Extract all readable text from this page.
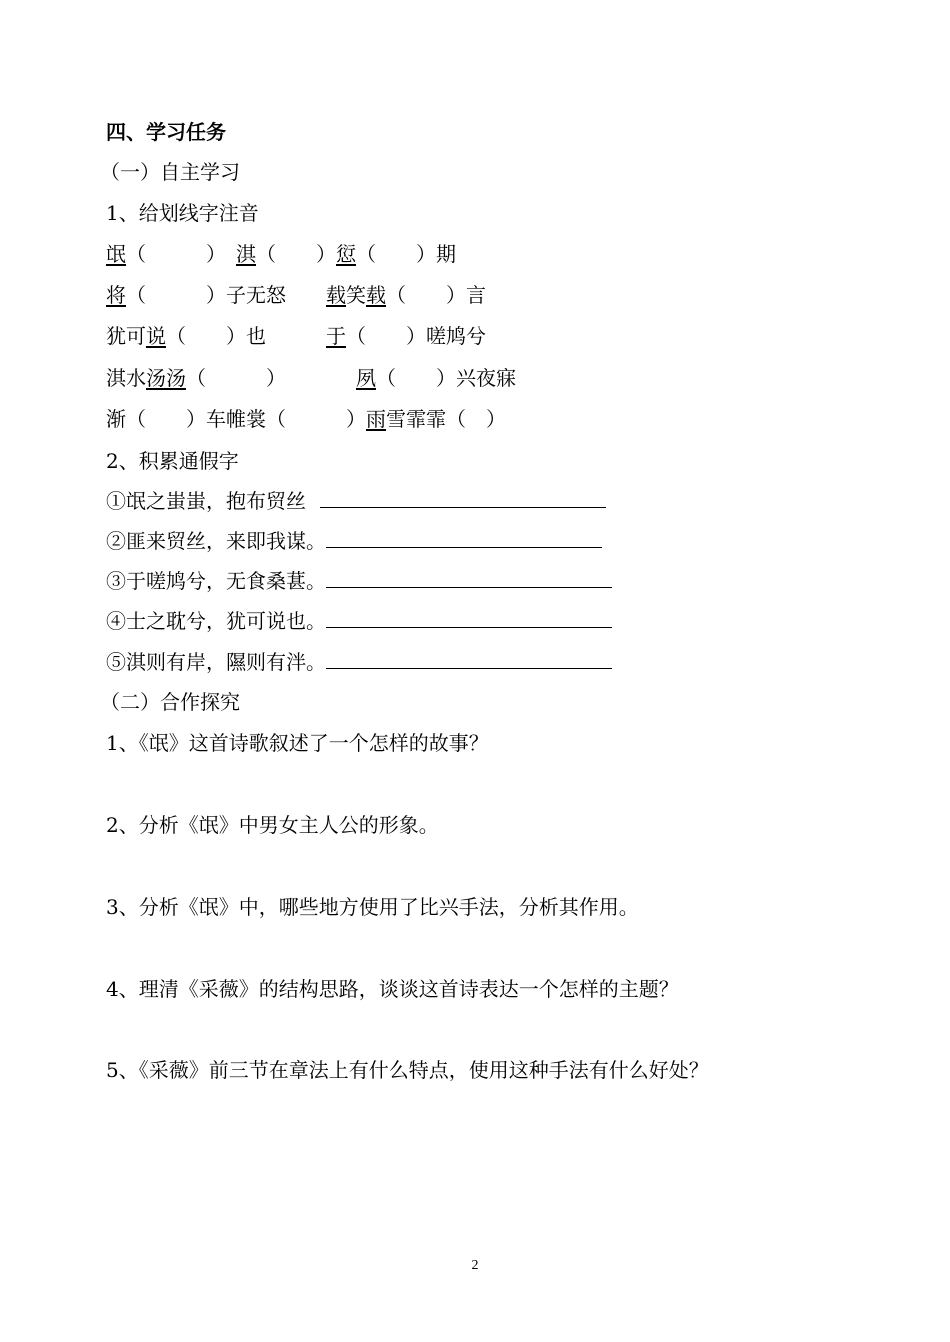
四、学习任务
（一）自主学习
1、给划线字注音
氓（　　　）　淇（　　）愆（　　）期
将（　　　）子无怒　　载笑载（　　）言
犹可说（　　）也　　　于（　　）嗟鸠兮
淇水汤汤（　　　）　　　　夙（　　）兴夜寐
渐（　　）车帷裳（　　　）雨雪霏霏（　）
2、积累通假字
①氓之蚩蚩，抱布贸丝
②匪来贸丝，来即我谋。
③于嗟鸠兮，无食桑葚。
④士之耽兮，犹可说也。
⑤淇则有岸，隰则有泮。
（二）合作探究
1、《氓》这首诗歌叙述了一个怎样的故事？
2、分析《氓》中男女主人公的形象。
3、分析《氓》中，哪些地方使用了比兴手法，分析其作用。
4、理清《采薇》的结构思路，谈谈这首诗表达一个怎样的主题？
5、《采薇》前三节在章法上有什么特点，使用这种手法有什么好处？
2
